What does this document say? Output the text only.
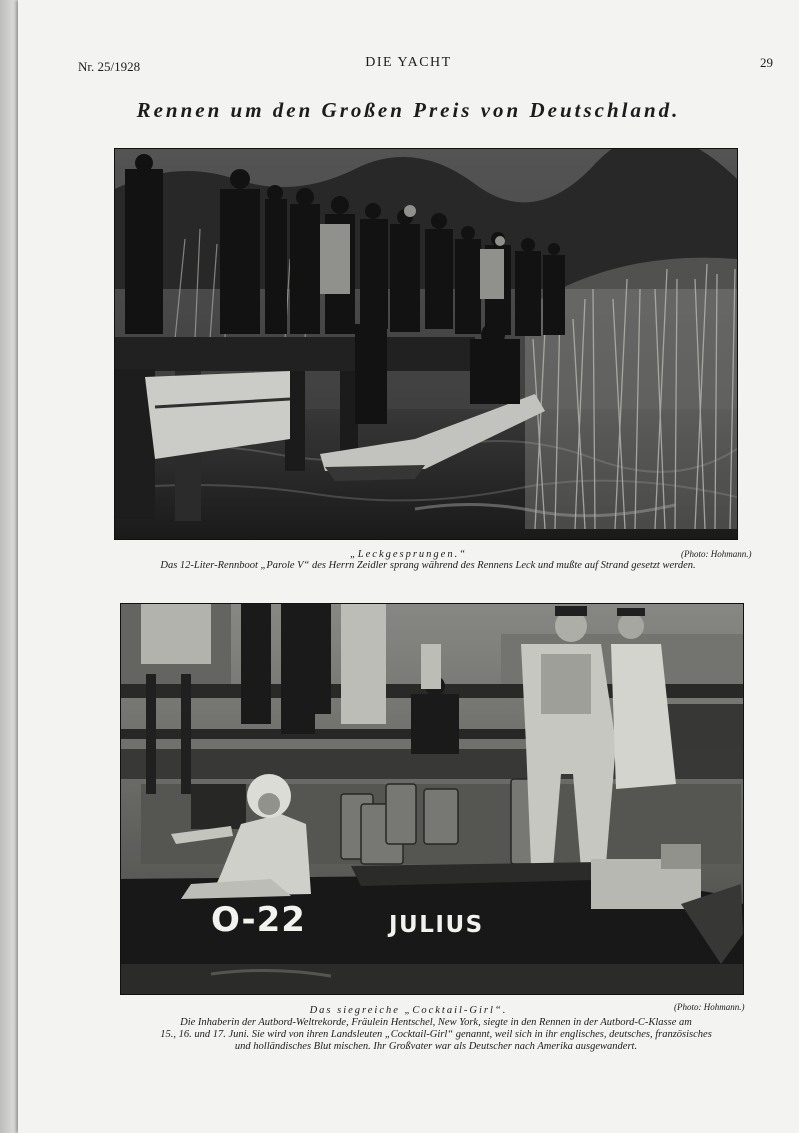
Nr. 25/1928	DIE YACHT	29
Rennen um den Großen Preis von Deutschland.
„Leckgesprungen.“	(Photo: Hohmann.)
Das 12-Liter-Rennboot „Parole V“ des Herrn Zeidler sprang während des Rennens Leck und mußte auf Strand gesetzt werden.
O-22	JULIUS
Das siegreiche „Cocktail-Girl“.	(Photo: Hohmann.)
Die Inhaberin der Autbord-Weltrekorde, Fräulein Hentschel, New York, siegte in den Rennen in der Autbord-C-Klasse am
15., 16. und 17. Juni. Sie wird von ihren Landsleuten „Cocktail-Girl“ genannt, weil sich in ihr englisches, deutsches, französisches
und holländisches Blut mischen. Ihr Großvater war als Deutscher nach Amerika ausgewandert.
